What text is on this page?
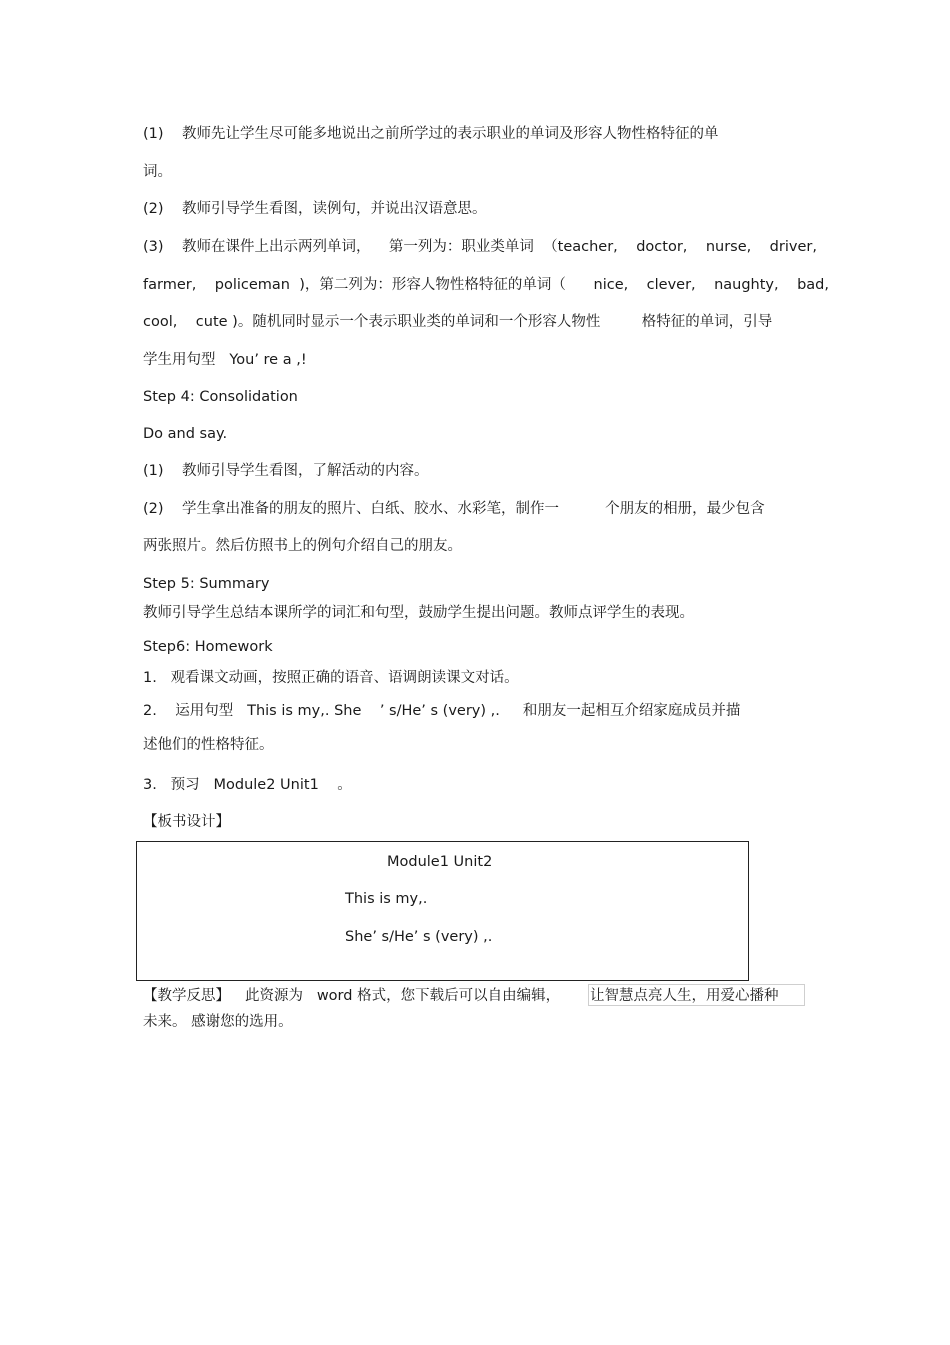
(1)    教师先让学生尽可能多地说出之前所学过的表示职业的单词及形容人物性格特征的单
词。
(2)    教师引导学生看图，读例句，并说出汉语意思。
(3)    教师在课件上出示两列单词，    第一列为：职业类单词  （teacher,    doctor,    nurse,    driver,
farmer,    policeman  )，第二列为：形容人物性格特征的单词（      nice,    clever,    naughty,    bad,
cool,    cute )。随机同时显示一个表示职业类的单词和一个形容人物性         格特征的单词，引导
学生用句型   You’ re a ,!
Step 4: Consolidation
Do and say.
(1)    教师引导学生看图，了解活动的内容。
(2)    学生拿出准备的朋友的照片、白纸、胶水、水彩笔，制作一          个朋友的相册，最少包含
两张照片。然后仿照书上的例句介绍自己的朋友。
Step 5: Summary
教师引导学生总结本课所学的词汇和句型，鼓励学生提出问题。教师点评学生的表现。
Step6: Homework
1.   观看课文动画，按照正确的语音、语调朗读课文对话。
2.    运用句型   This is my,. She    ’ s/He’ s (very) ,.     和朋友一起相互介绍家庭成员并描
述他们的性格特征。
3.   预习   Module2 Unit1    。
【板书设计】
Module1 Unit2
This is my,.
She’ s/He’ s (very) ,.
【教学反思】 此资源为   word 格式，您下载后可以自由编辑， 让智慧点亮人生，用爱心播种
未来。 感谢您的选用。
